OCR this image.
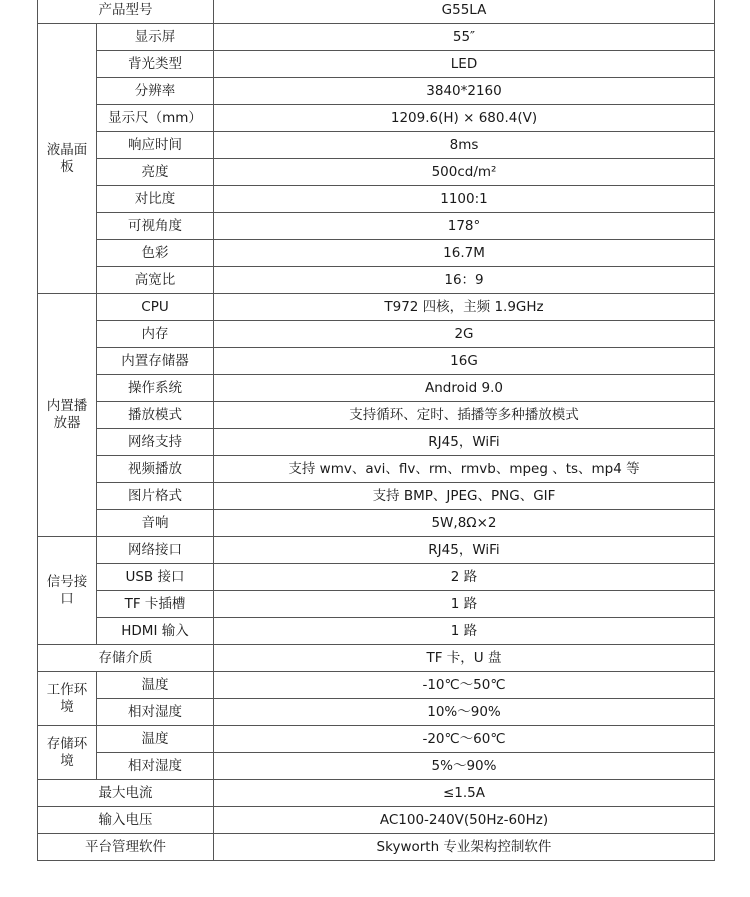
产品型号		G55LA

液晶面
板	显示屏	55″
	背光类型	LED
	分辨率	3840*2160
	显示尺（mm）	1209.6(H) × 680.4(V)
	响应时间	8ms
	亮度	500cd/m²
	对比度	1100:1
	可视角度	178°
	色彩	16.7M
	高宽比	16：9

内置播
放器	CPU	T972 四核，主频 1.9GHz
	内存	2G
	内置存储器	16G
	操作系统	Android 9.0
	播放模式	支持循环、定时、插播等多种播放模式
	网络支持	RJ45，WiFi
	视频播放	支持 wmv、avi、flv、rm、rmvb、mpeg 、ts、mp4 等
	图片格式	支持 BMP、JPEG、PNG、GIF
	音响	5W,8Ω×2

信号接
口	网络接口	RJ45，WiFi
	USB 接口	2 路
	TF 卡插槽	1 路
	HDMI 输入	1 路
存储介质		TF 卡，U 盘

工作环
境	温度	-10℃～50℃
	相对湿度	10%～90%

存储环
境	温度	-20℃～60℃
	相对湿度	5%～90%
最大电流		≤1.5A
输入电压		AC100-240V(50Hz-60Hz)
平台管理软件		Skyworth 专业架构控制软件
